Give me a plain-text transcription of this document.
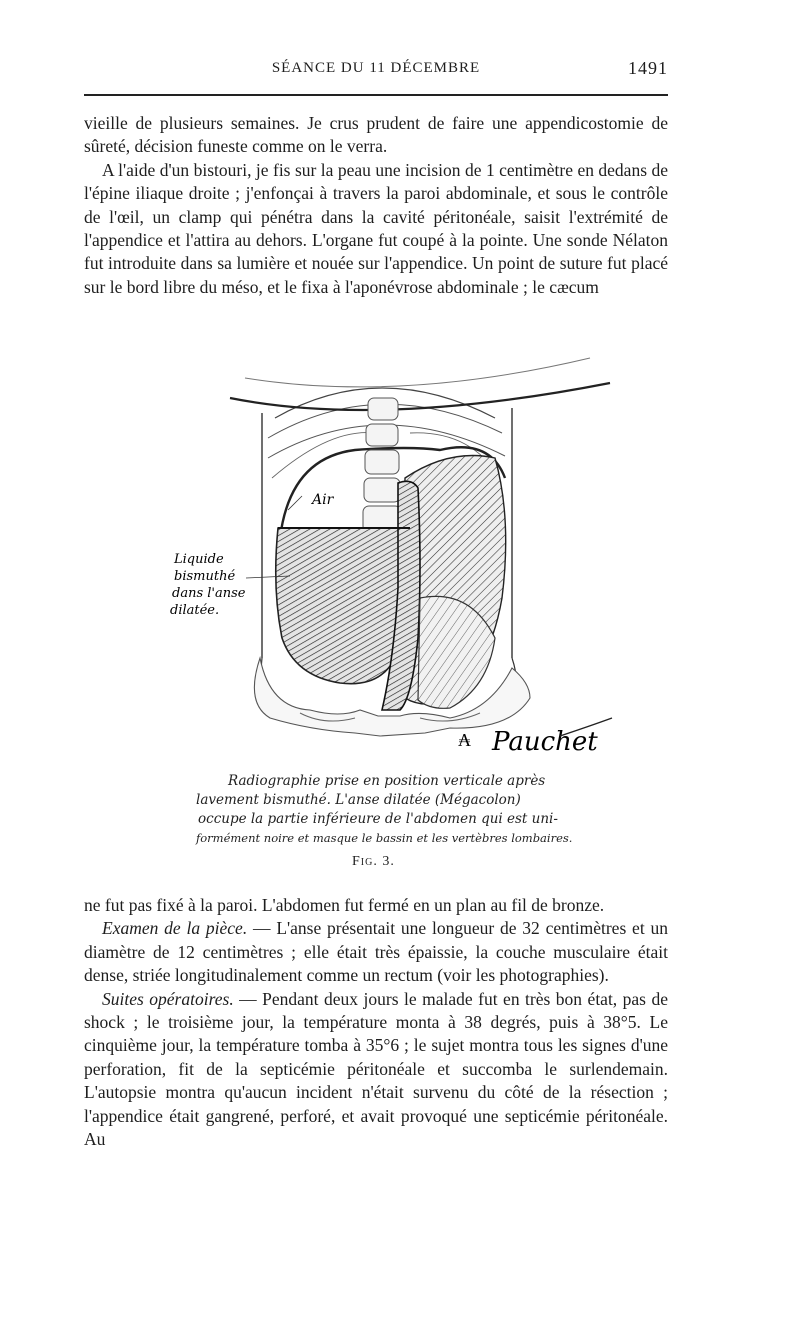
SÉANCE DU 11 DÉCEMBRE	1491

vieille de plusieurs semaines. Je crus prudent de faire une appendicostomie de sûreté, décision funeste comme on le verra.

A l'aide d'un bistouri, je fis sur la peau une incision de 1 centimètre en dedans de l'épine iliaque droite ; j'enfonçai à travers la paroi abdominale, et sous le contrôle de l'œil, un clamp qui pénétra dans la cavité péritonéale, saisit l'extrémité de l'appendice et l'attira au dehors. L'organe fut coupé à la pointe. Une sonde Nélaton fut introduite dans sa lumière et nouée sur l'appendice. Un point de suture fut placé sur le bord libre du méso, et le fixa à l'aponévrose abdominale ; le cæcum

Air
Liquide
bismuthé
dans l'anse
dilatée.
₳ Pauchet
Radiographie prise en position verticale après
lavement bismuthé. L'anse dilatée (Mégacolon)
occupe la partie inférieure de l'abdomen qui est uni-
formément noire et masque le bassin et les vertèbres lombaires.
Fig. 3.

ne fut pas fixé à la paroi. L'abdomen fut fermé en un plan au fil de bronze.

Examen de la pièce. — L'anse présentait une longueur de 32 centimètres et un diamètre de 12 centimètres ; elle était très épaissie, la couche musculaire était dense, striée longitudinalement comme un rectum (voir les photographies).

Suites opératoires. — Pendant deux jours le malade fut en très bon état, pas de shock ; le troisième jour, la température monta à 38 degrés, puis à 38°5. Le cinquième jour, la température tomba à 35°6 ; le sujet montra tous les signes d'une perforation, fit de la septicémie péritonéale et succomba le surlendemain. L'autopsie montra qu'aucun incident n'était survenu du côté de la résection ; l'appendice était gangrené, perforé, et avait provoqué une septicémie péritonéale. Au
